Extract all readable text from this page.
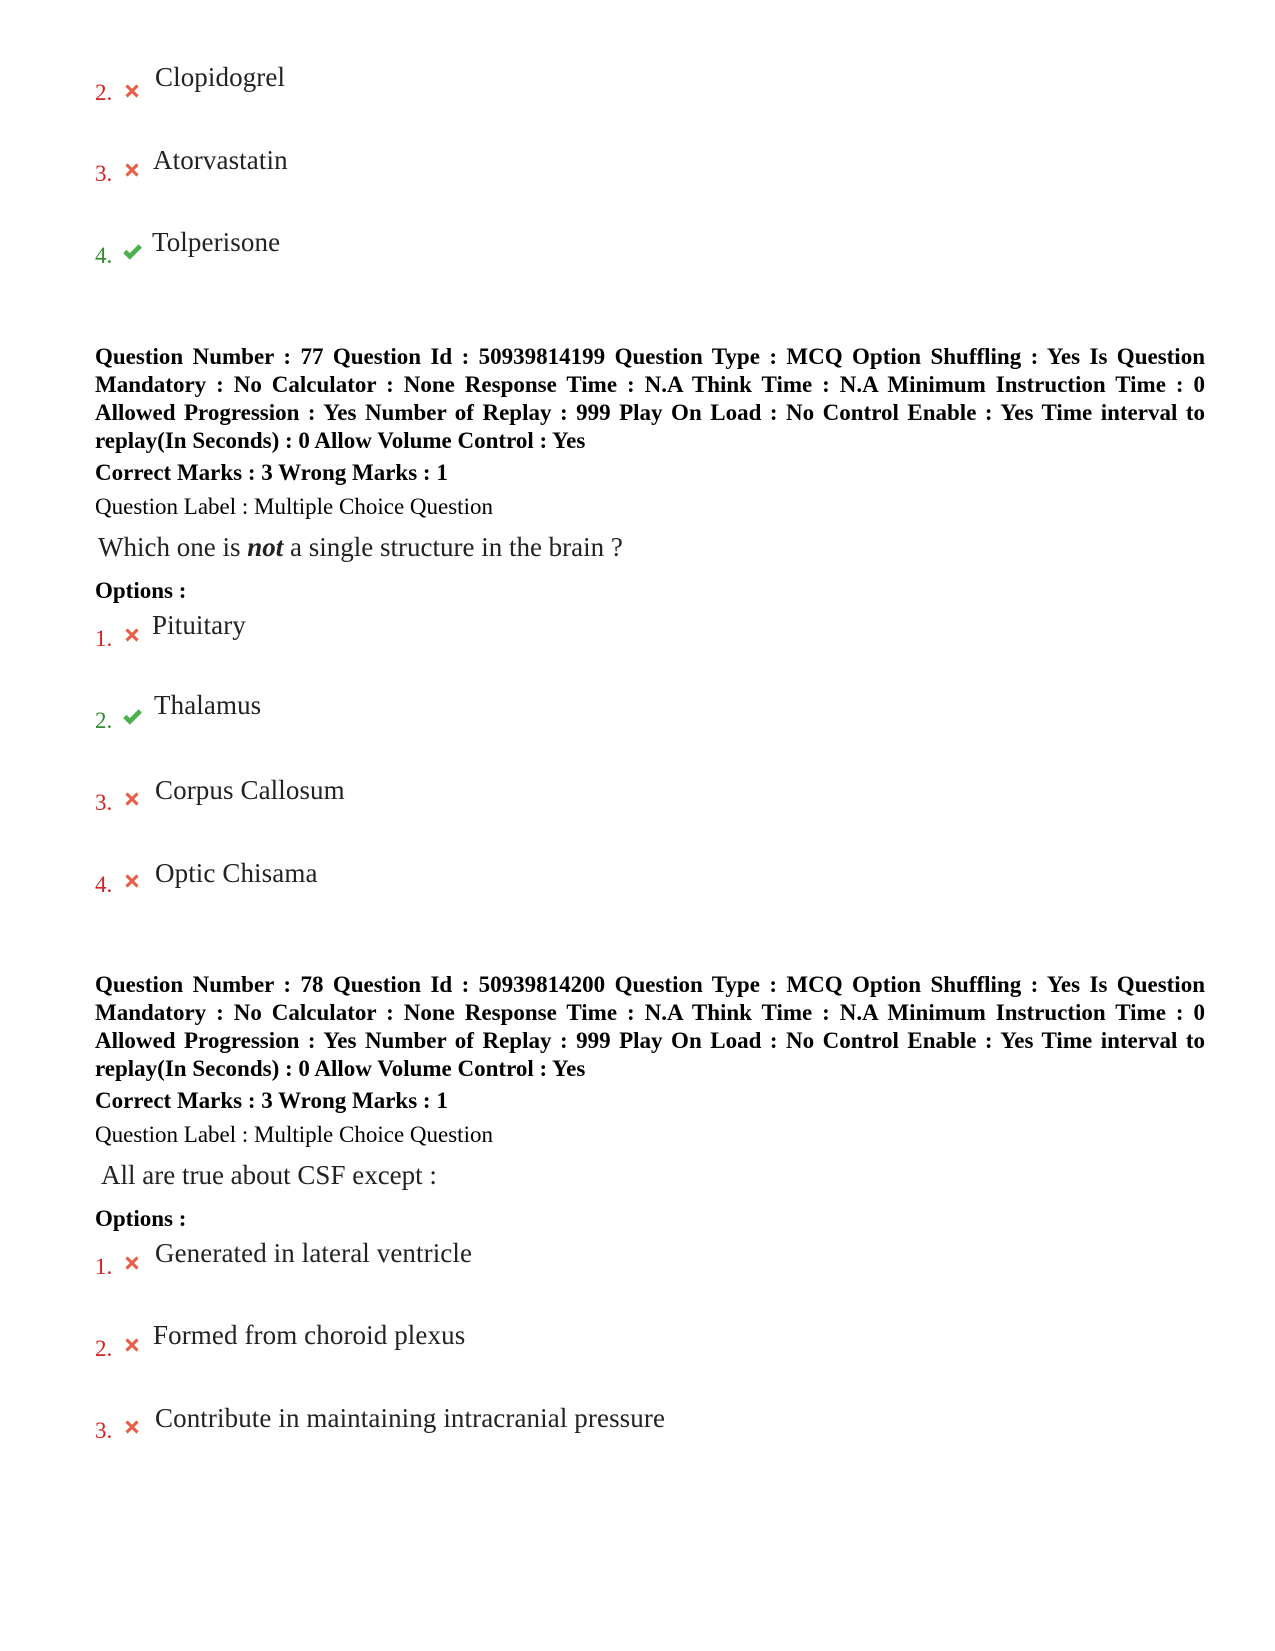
2.
Clopidogrel
3. Atorvastatin
4. Tolperisone

Question Number : 77 Question Id : 50939814199 Question Type : MCQ Option Shuffling : Yes Is Question Mandatory : No Calculator : None Response Time : N.A Think Time : N.A Minimum Instruction Time : 0 Allowed Progression : Yes Number of Replay : 999 Play On Load : No Control Enable : Yes Time interval to replay(In Seconds) : 0 Allow Volume Control : Yes

Correct Marks : 3 Wrong Marks : 1
Question Label : Multiple Choice Question
Which one is not a single structure in the brain ?
Options :
1. Pituitary
2.
Thalamus
3. Corpus Callosum
4. Optic Chisama

Question Number : 78 Question Id : 50939814200 Question Type : MCQ Option Shuffling : Yes Is Question Mandatory : No Calculator : None Response Time : N.A Think Time : N.A Minimum Instruction Time : 0 Allowed Progression : Yes Number of Replay : 999 Play On Load : No Control Enable : Yes Time interval to replay(In Seconds) : 0 Allow Volume Control : Yes

Correct Marks : 3 Wrong Marks : 1
Question Label : Multiple Choice Question
All are true about CSF except :
Options :
1. Generated in lateral ventricle
2. Formed from choroid plexus
3. Contribute in maintaining intracranial pressure
